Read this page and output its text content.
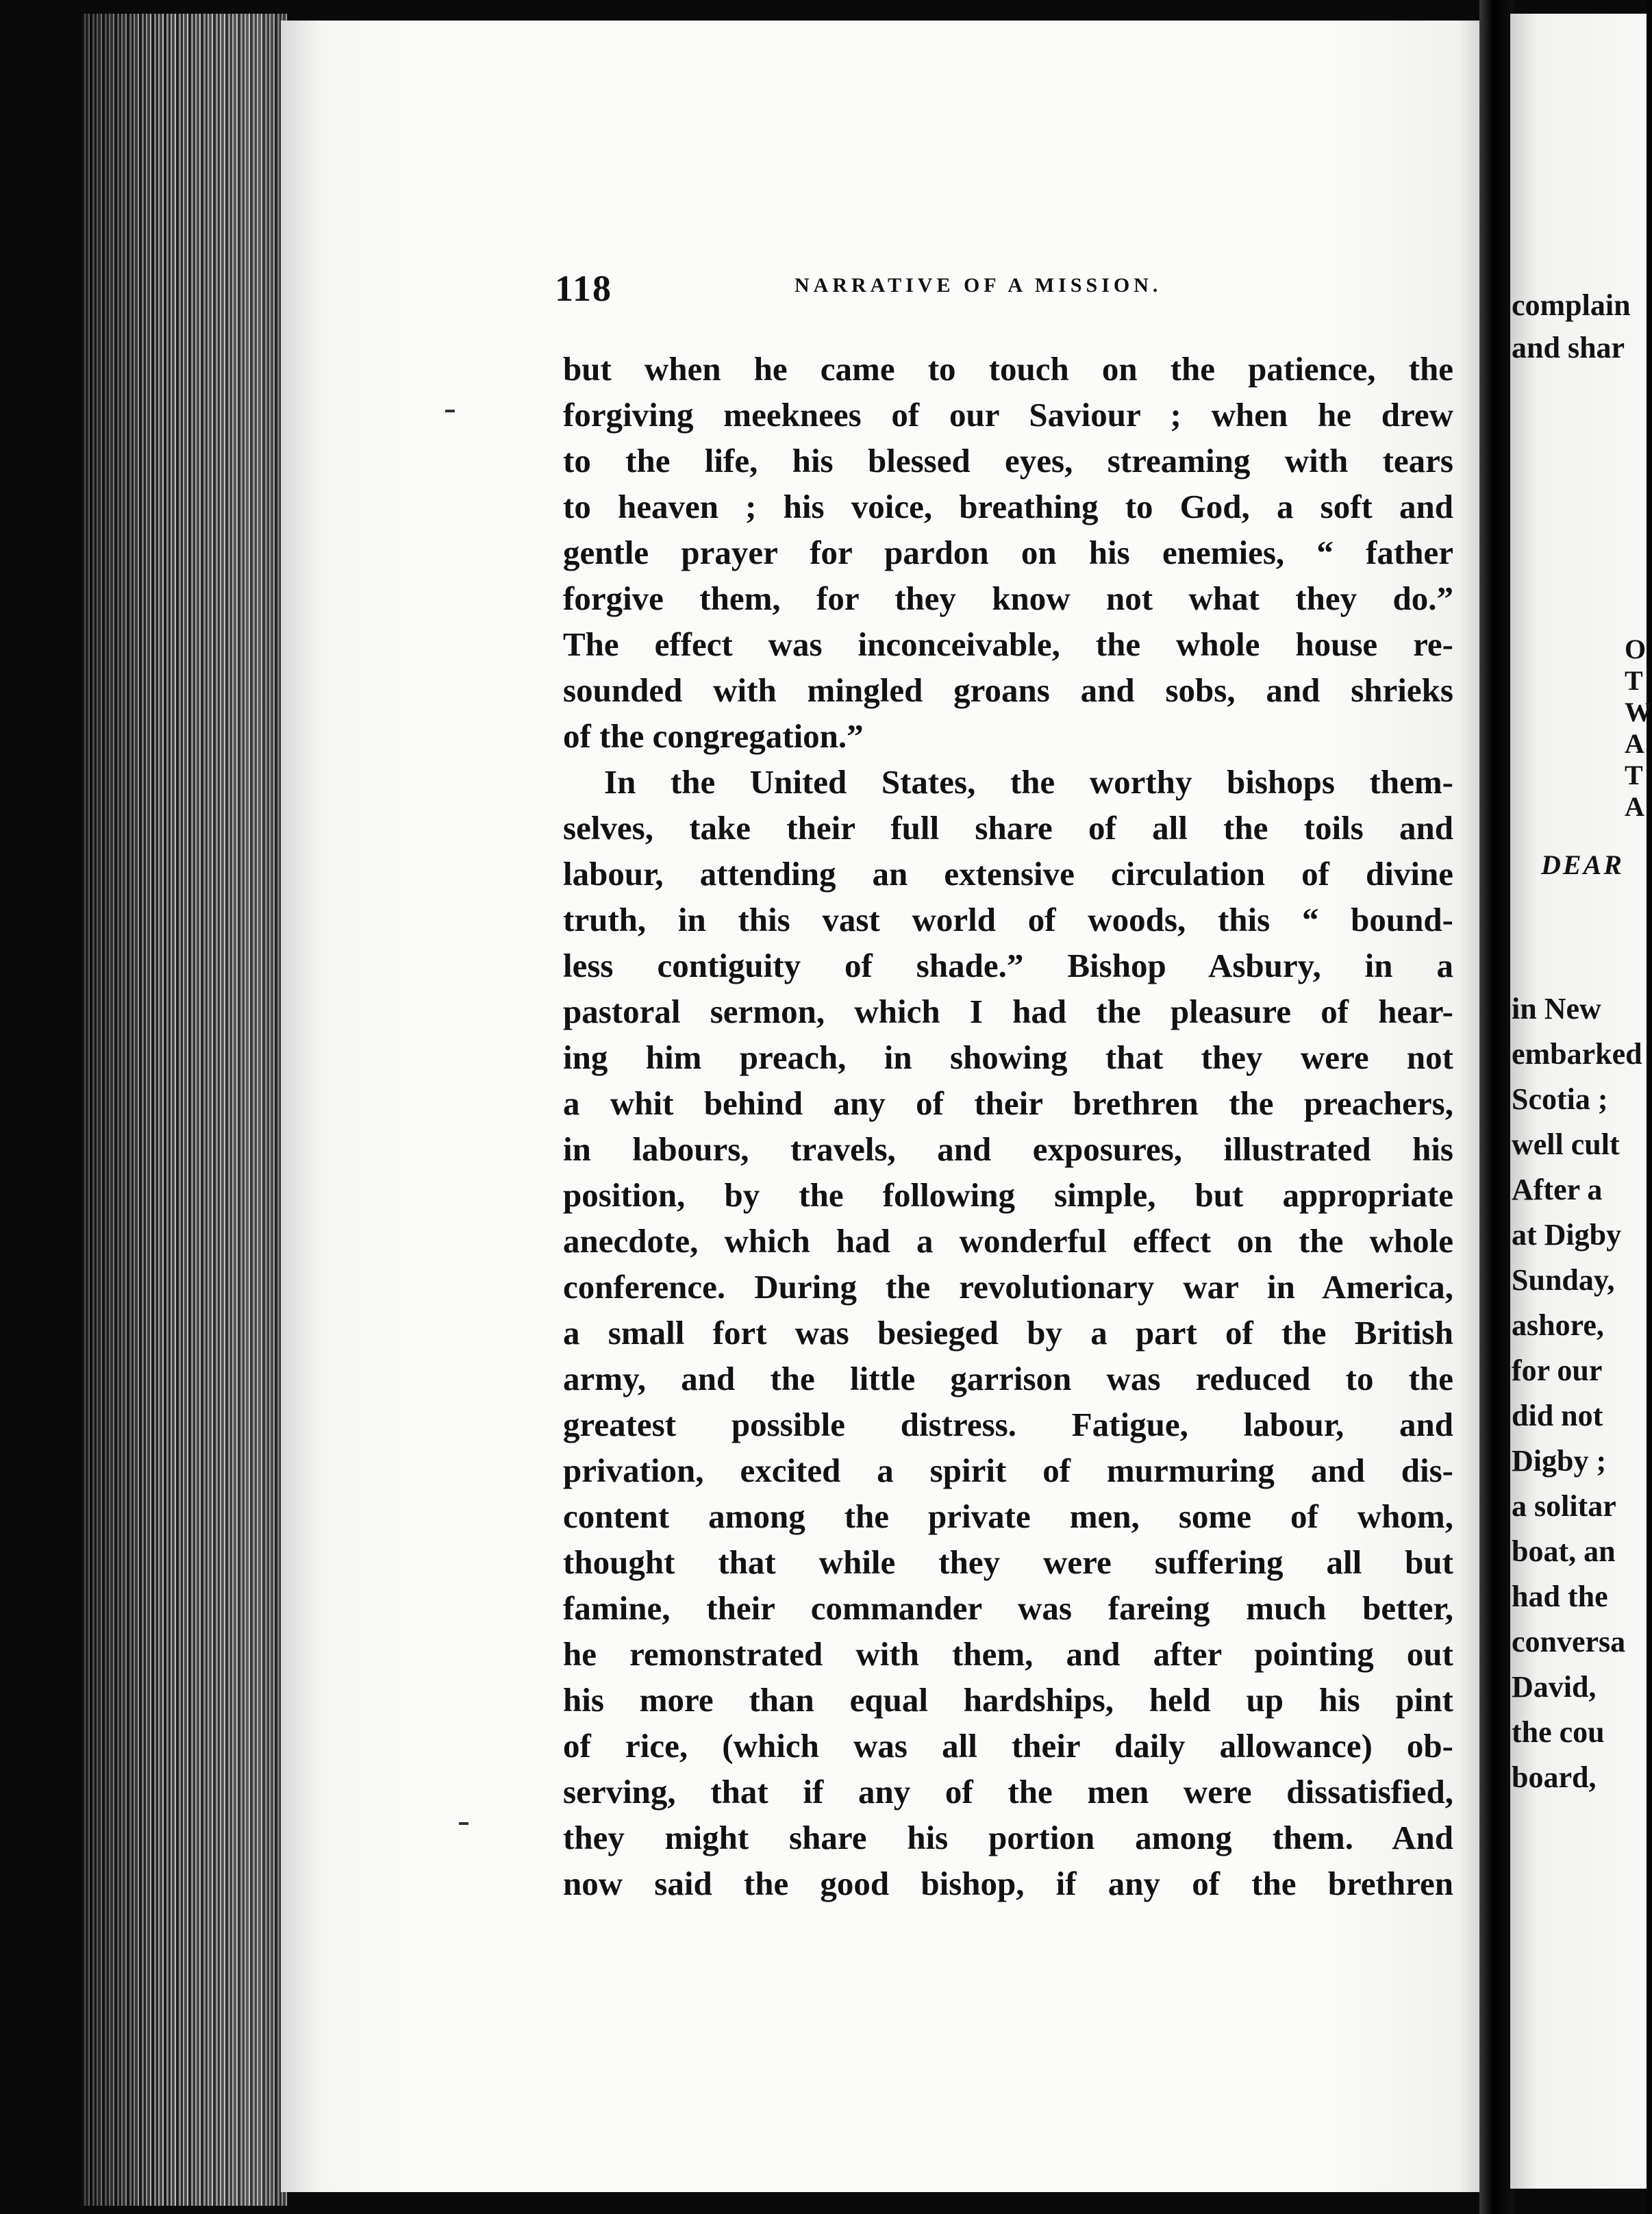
118	NARRATIVE OF A MISSION.
but when he came to touch on the patience, the
forgiving meeknees of our Saviour ; when he drew
to the life, his blessed eyes, streaming with tears
to heaven ; his voice, breathing to God, a soft and
gentle prayer for pardon on his enemies, “ father
forgive them, for they know not what they do.”
The effect was inconceivable, the whole house re-
sounded with mingled groans and sobs, and shrieks
of the congregation.”
In the United States, the worthy bishops them-
selves, take their full share of all the toils and
labour, attending an extensive circulation of divine
truth, in this vast world of woods, this “ bound-
less contiguity of shade.” Bishop Asbury, in a
pastoral sermon, which I had the pleasure of hear-
ing him preach, in showing that they were not
a whit behind any of their brethren the preachers,
in labours, travels, and exposures, illustrated his
position, by the following simple, but appropriate
anecdote, which had a wonderful effect on the whole
conference. During the revolutionary war in America,
a small fort was besieged by a part of the British
army, and the little garrison was reduced to the
greatest possible distress. Fatigue, labour, and
privation, excited a spirit of murmuring and dis-
content among the private men, some of whom,
thought that while they were suffering all but
famine, their commander was fareing much better,
he remonstrated with them, and after pointing out
his more than equal hardships, held up his pint
of rice, (which was all their daily allowance) ob-
serving, that if any of the men were dissatisfied,
they might share his portion among them. And
now said the good bishop, if any of the brethren
complain
and shar
O
T
W
A
T
A
DEAR
in New
embarked
Scotia ;
well cult
After a
at Digby
Sunday,
ashore,
for our
did not
Digby ;
a solitar
boat, an
had the
conversa
David,
the cou
board,
